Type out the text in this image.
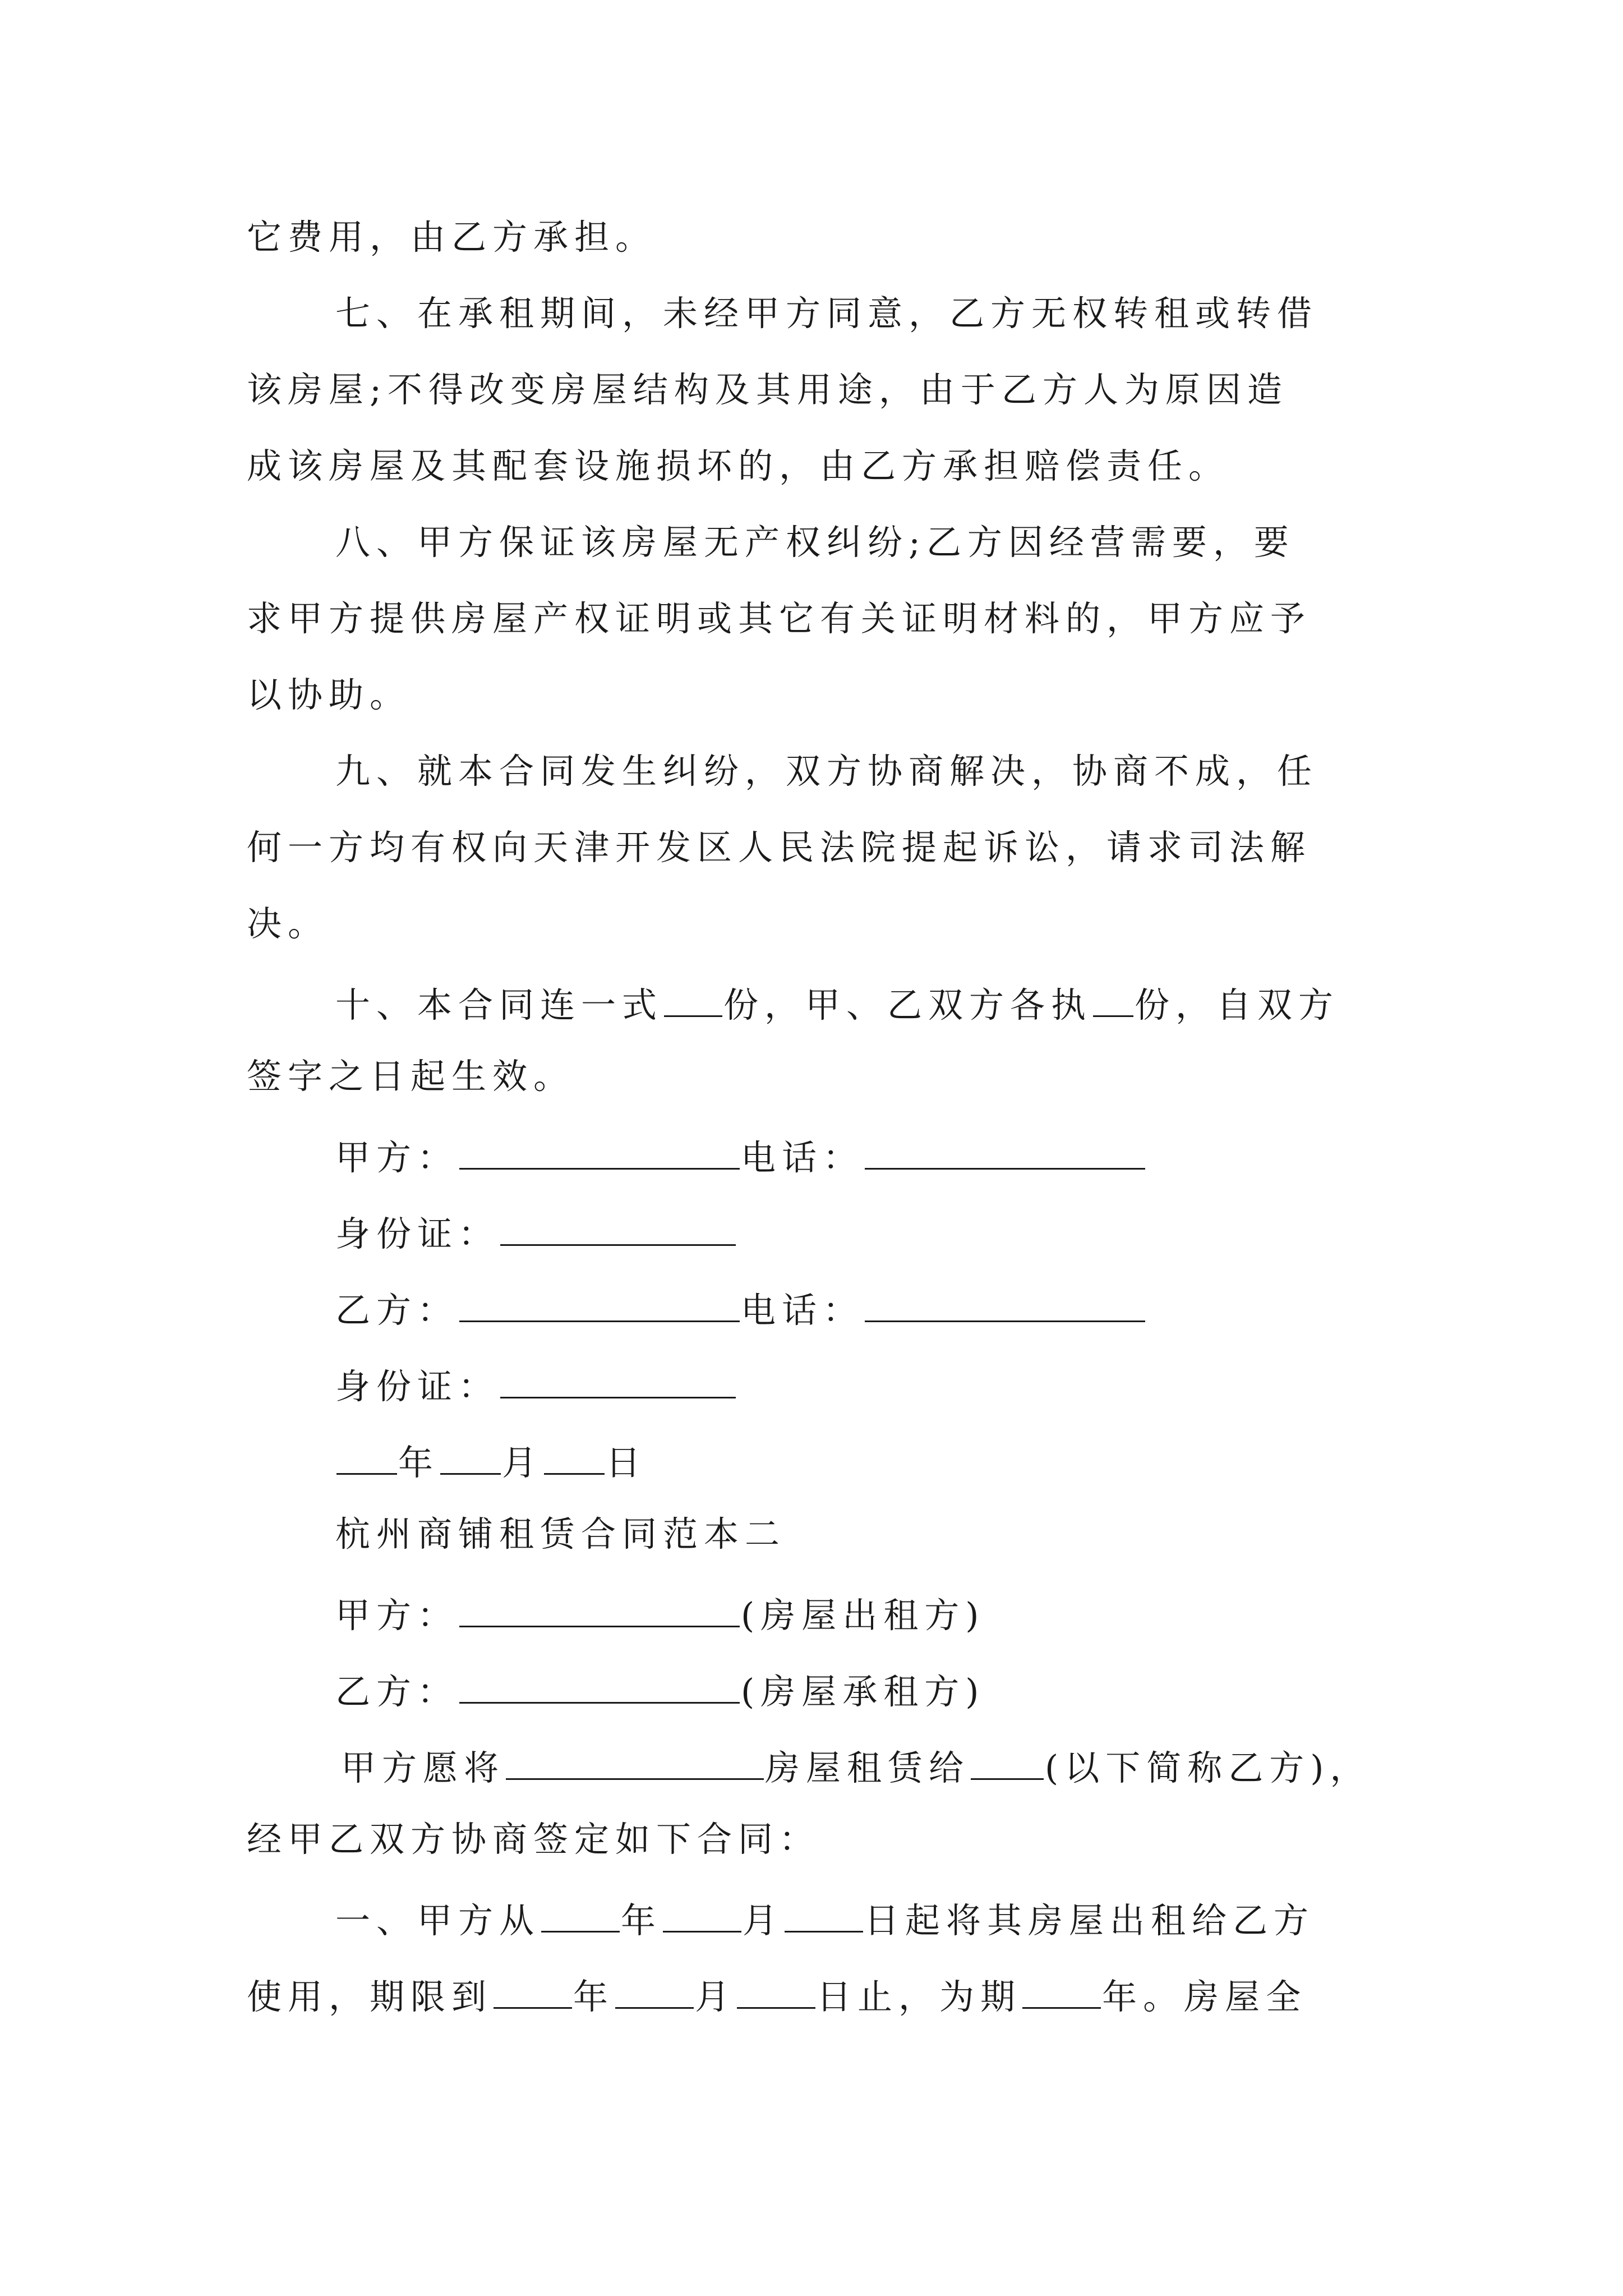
它费用，由乙方承担。
七、在承租期间，未经甲方同意，乙方无权转租或转借
该房屋;不得改变房屋结构及其用途，由于乙方人为原因造
成该房屋及其配套设施损坏的，由乙方承担赔偿责任。
八、甲方保证该房屋无产权纠纷;乙方因经营需要，要
求甲方提供房屋产权证明或其它有关证明材料的，甲方应予
以协助。
九、就本合同发生纠纷，双方协商解决，协商不成，任
何一方均有权向天津开发区人民法院提起诉讼，请求司法解
决。
十、本合同连一式 份，甲、乙双方各执 份，自双方
签字之日起生效。
甲方：	电话：
身份证：
乙方：	电话：
身份证：
年 月 日
杭州商铺租赁合同范本二
甲方：	(房屋出租方)
乙方：	(房屋承租方)
甲方愿将	房屋租赁给 (以下简称乙方)，
经甲乙双方协商签定如下合同：
一、甲方从 年 月 日起将其房屋出租给乙方
使用，期限到 年 月 日止，为期 年。房屋全
